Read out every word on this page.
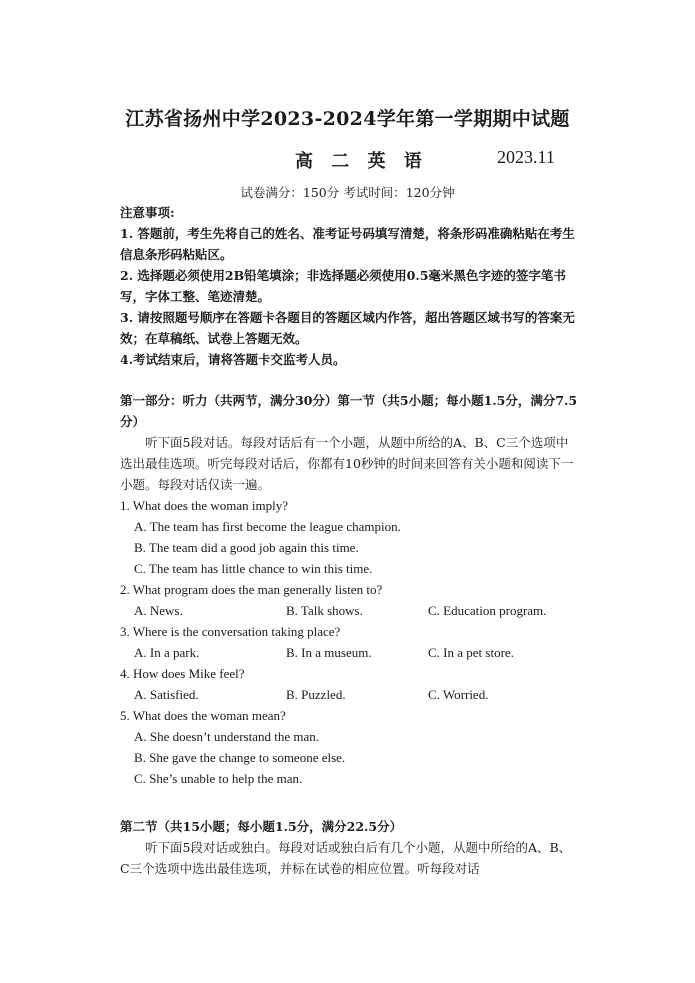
江苏省扬州中学2023-2024学年第一学期期中试题
高 二 英 语	2023.11
试卷满分：150分 考试时间：120分钟
注意事项:
1. 答题前，考生先将自己的姓名、准考证号码填写清楚，将条形码准确粘贴在考生信息条形码粘贴区。
2. 选择题必须使用2B铅笔填涂；非选择题必须使用0.5毫米黑色字迹的签字笔书写，字体工整、笔迹清楚。
3. 请按照题号顺序在答题卡各题目的答题区域内作答，超出答题区域书写的答案无效；在草稿纸、试卷上答题无效。
4.考试结束后，请将答题卡交监考人员。
第一部分：听力（共两节，满分30分）第一节（共5小题；每小题1.5分，满分7.5分）
听下面5段对话。每段对话后有一个小题，从题中所给的A、B、C三个选项中选出最佳选项。听完每段对话后，你都有10秒钟的时间来回答有关小题和阅读下一小题。每段对话仅读一遍。
1. What does the woman imply?
A. The team has first become the league champion.
B. The team did a good job again this time.
C. The team has little chance to win this time.
2. What program does the man generally listen to?
A. News.	B. Talk shows.	C. Education program.
3. Where is the conversation taking place?
A. In a park.	B. In a museum.	C. In a pet store.
4. How does Mike feel?
A. Satisfied.	B. Puzzled.	C. Worried.
5. What does the woman mean?
A. She doesn’t understand the man.
B. She gave the change to someone else.
C. She’s unable to help the man.
第二节（共15小题；每小题1.5分，满分22.5分）
听下面5段对话或独白。每段对话或独白后有几个小题，从题中所给的A、B、C三个选项中选出最佳选项，并标在试卷的相应位置。听每段对话
